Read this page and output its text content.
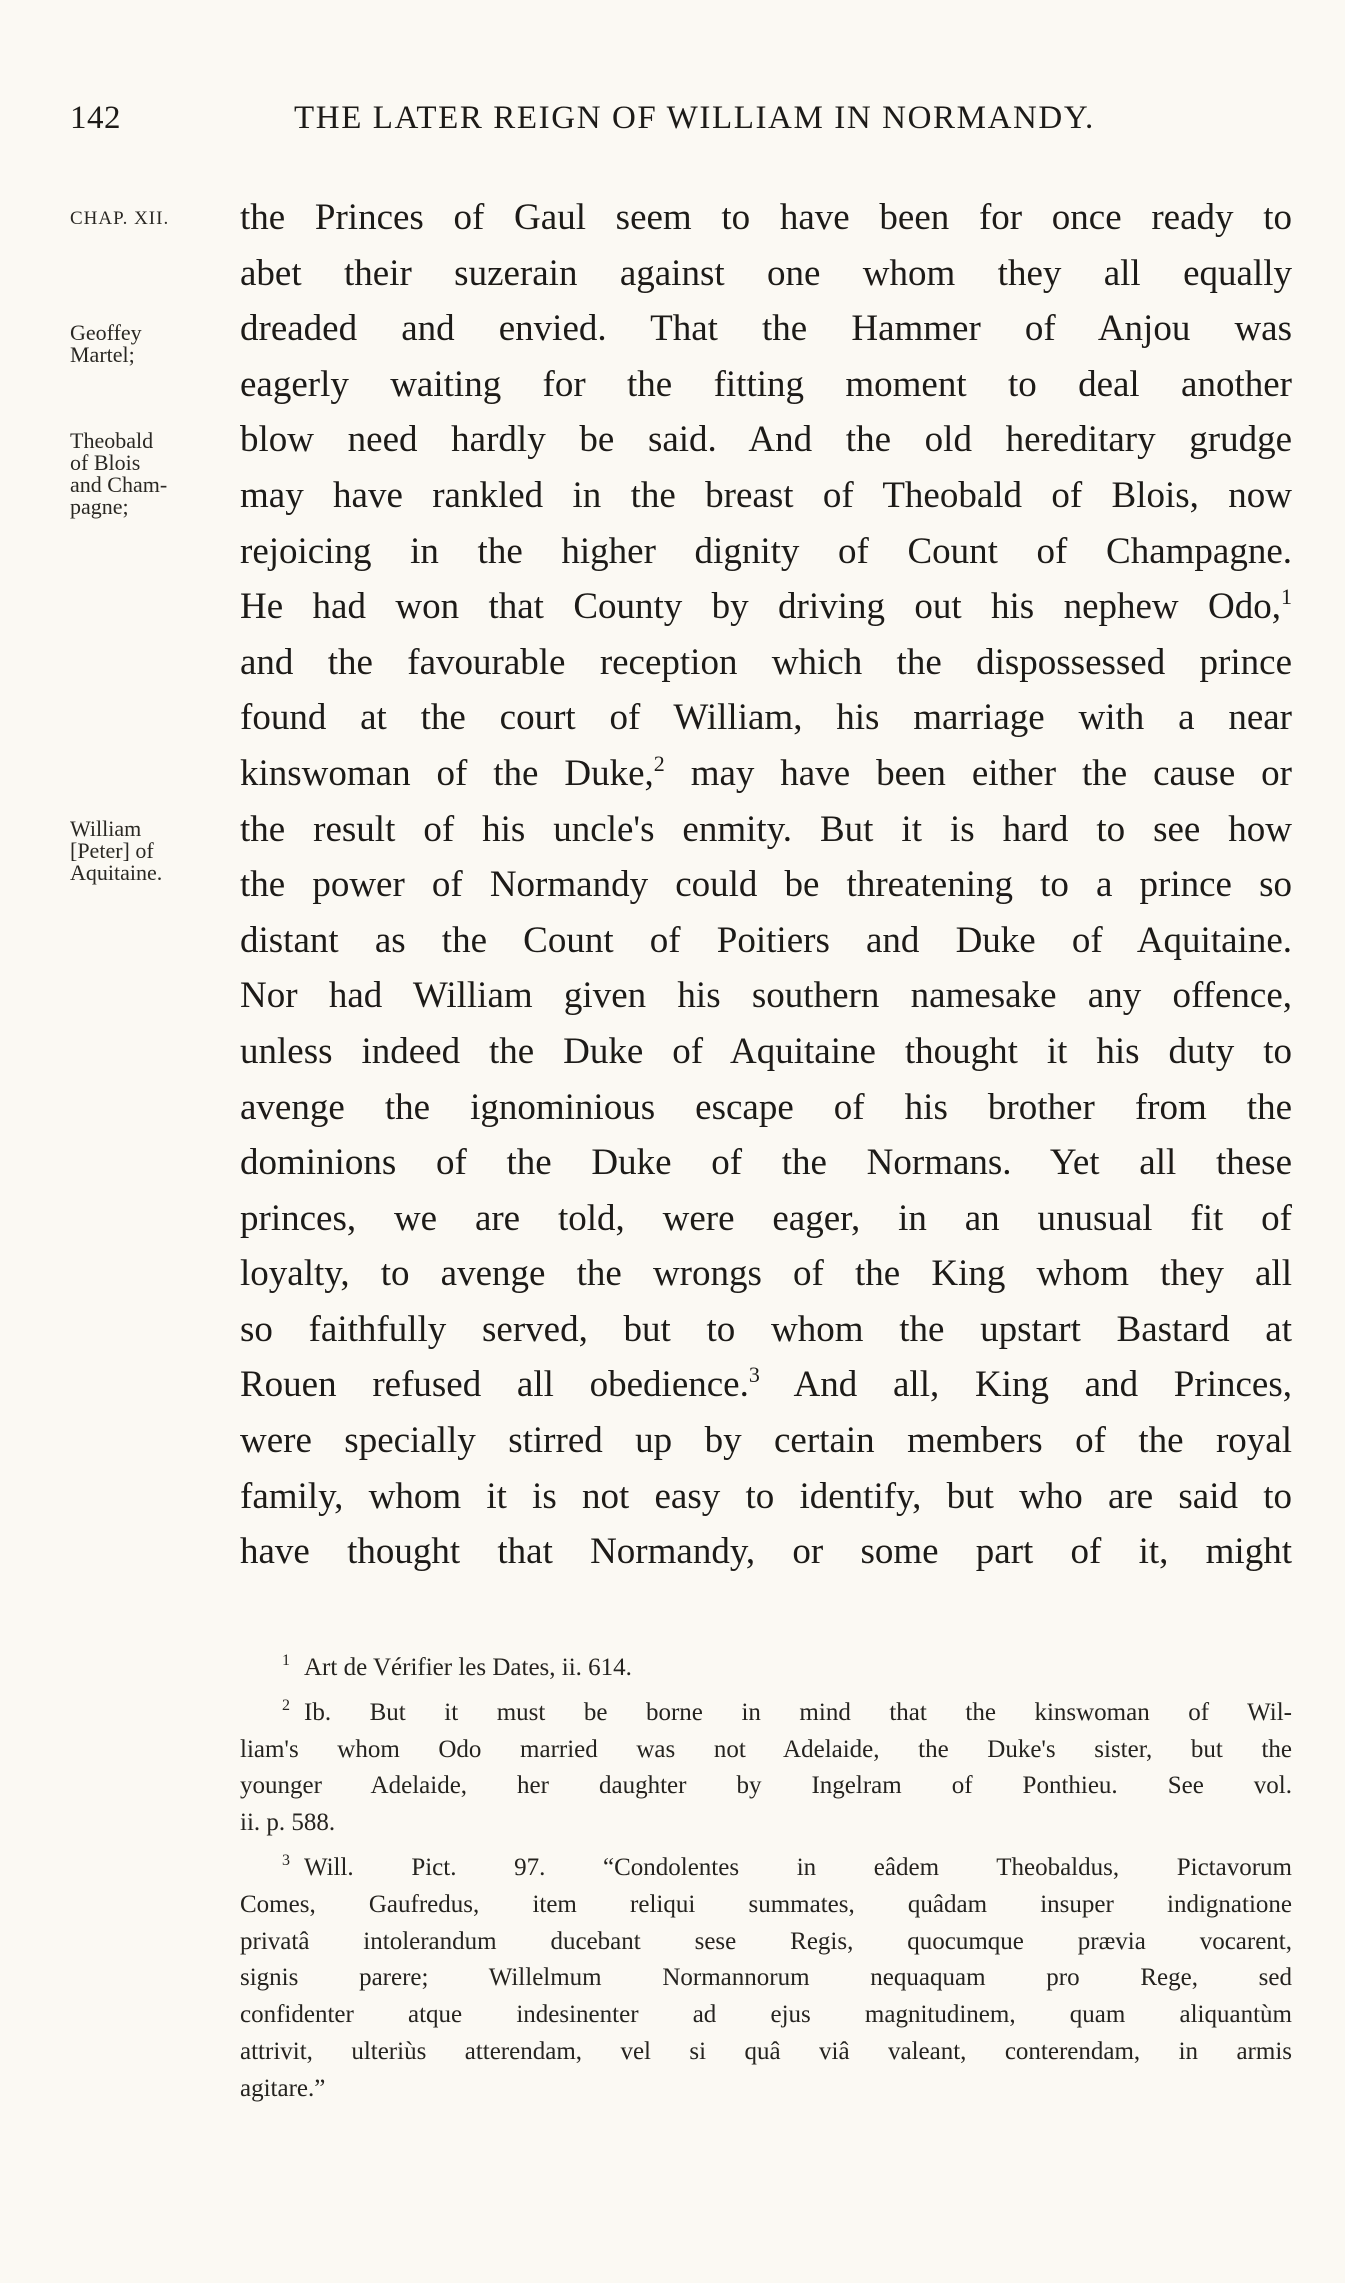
142	THE LATER REIGN OF WILLIAM IN NORMANDY.
CHAP. XII.
Geoffey
Martel;
Theobald
of Blois
and Cham-
pagne;
William
[Peter] of
Aquitaine.
the Princes of Gaul seem to have been for once ready to
abet their suzerain against one whom they all equally
dreaded and envied. That the Hammer of Anjou was
eagerly waiting for the fitting moment to deal another
blow need hardly be said. And the old hereditary grudge
may have rankled in the breast of Theobald of Blois, now
rejoicing in the higher dignity of Count of Champagne.
He had won that County by driving out his nephew Odo,$^1$
and the favourable reception which the dispossessed prince
found at the court of William, his marriage with a near
kinswoman of the Duke,$^2$ may have been either the cause or
the result of his uncle's enmity. But it is hard to see how
the power of Normandy could be threatening to a prince so
distant as the Count of Poitiers and Duke of Aquitaine.
Nor had William given his southern namesake any offence,
unless indeed the Duke of Aquitaine thought it his duty to
avenge the ignominious escape of his brother from the
dominions of the Duke of the Normans. Yet all these
princes, we are told, were eager, in an unusual fit of
loyalty, to avenge the wrongs of the King whom they all
so faithfully served, but to whom the upstart Bastard at
Rouen refused all obedience.$^3$ And all, King and Princes,
were specially stirred up by certain members of the royal
family, whom it is not easy to identify, but who are said to
have thought that Normandy, or some part of it, might
$^1$ Art de Vérifier les Dates, ii. 614.
$^2$ Ib. But it must be borne in mind that the kinswoman of Wil-
liam's whom Odo married was not Adelaide, the Duke's sister, but the
younger Adelaide, her daughter by Ingelram of Ponthieu. See vol.
ii. p. 588.
$^3$ Will. Pict. 97. “Condolentes in eâdem Theobaldus, Pictavorum
Comes, Gaufredus, item reliqui summates, quâdam insuper indignatione
privatâ intolerandum ducebant sese Regis, quocumque prævia vocarent,
signis parere; Willelmum Normannorum nequaquam pro Rege, sed
confidenter atque indesinenter ad ejus magnitudinem, quam aliquantùm
attrivit, ulteriùs atterendam, vel si quâ viâ valeant, conterendam, in armis
agitare.”
